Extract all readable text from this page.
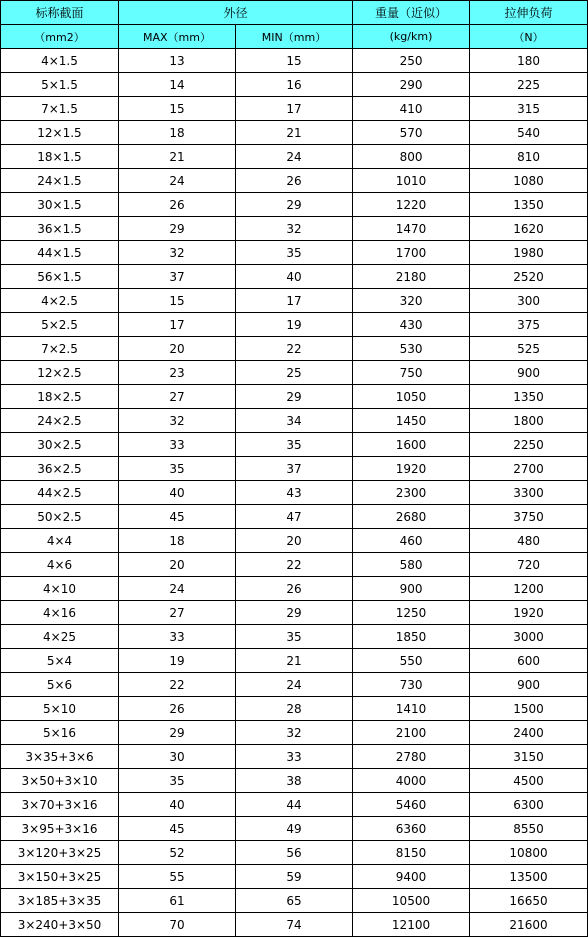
标称截面	外径		重量（近似）	拉伸负荷
（mm2）	MAX（mm）	MIN（mm）	(kg/km)	（N）
4×1.5	13	15	250	180
5×1.5	14	16	290	225
7×1.5	15	17	410	315
12×1.5	18	21	570	540
18×1.5	21	24	800	810
24×1.5	24	26	1010	1080
30×1.5	26	29	1220	1350
36×1.5	29	32	1470	1620
44×1.5	32	35	1700	1980
56×1.5	37	40	2180	2520
4×2.5	15	17	320	300
5×2.5	17	19	430	375
7×2.5	20	22	530	525
12×2.5	23	25	750	900
18×2.5	27	29	1050	1350
24×2.5	32	34	1450	1800
30×2.5	33	35	1600	2250
36×2.5	35	37	1920	2700
44×2.5	40	43	2300	3300
50×2.5	45	47	2680	3750
4×4	18	20	460	480
4×6	20	22	580	720
4×10	24	26	900	1200
4×16	27	29	1250	1920
4×25	33	35	1850	3000
5×4	19	21	550	600
5×6	22	24	730	900
5×10	26	28	1410	1500
5×16	29	32	2100	2400
3×35+3×6	30	33	2780	3150
3×50+3×10	35	38	4000	4500
3×70+3×16	40	44	5460	6300
3×95+3×16	45	49	6360	8550
3×120+3×25	52	56	8150	10800
3×150+3×25	55	59	9400	13500
3×185+3×35	61	65	10500	16650
3×240+3×50	70	74	12100	21600
